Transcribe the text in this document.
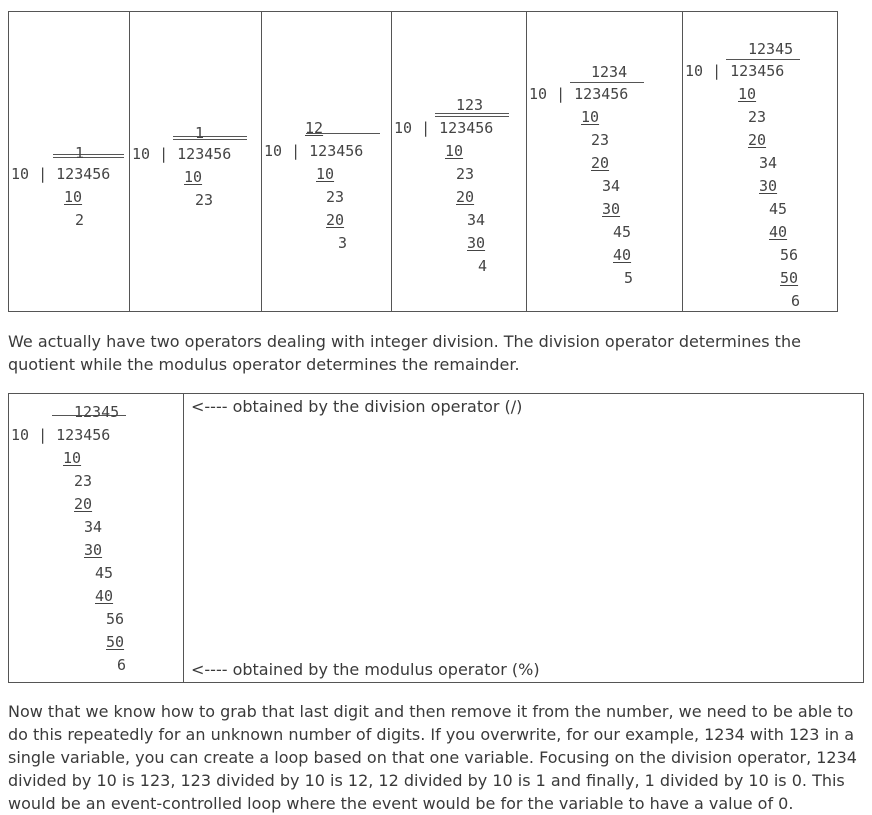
1
10 | 123456
10
2
1
10 | 123456
10
23
12
10 | 123456
10
23
20
3
123
10 | 123456
10
23
20
34
30
4
1234
10 | 123456
10
23
20
34
30
45
40
5
12345
10 | 123456
10
23
20
34
30
45
40
56
50
6
We actually have two operators dealing with integer division. The division operator determines the quotient while the modulus operator determines the remainder.
12345
10 | 123456
10
23
20
34
30
45
40
56
50
6
<---- obtained by the division operator (/)
<---- obtained by the modulus operator (%)
Now that we know how to grab that last digit and then remove it from the number, we need to be able to do this repeatedly for an unknown number of digits. If you overwrite, for our example, 1234 with 123 in a single variable, you can create a loop based on that one variable. Focusing on the division operator, 1234 divided by 10 is 123, 123 divided by 10 is 12, 12 divided by 10 is 1 and finally, 1 divided by 10 is 0. This would be an event-controlled loop where the event would be for the variable to have a value of 0.
